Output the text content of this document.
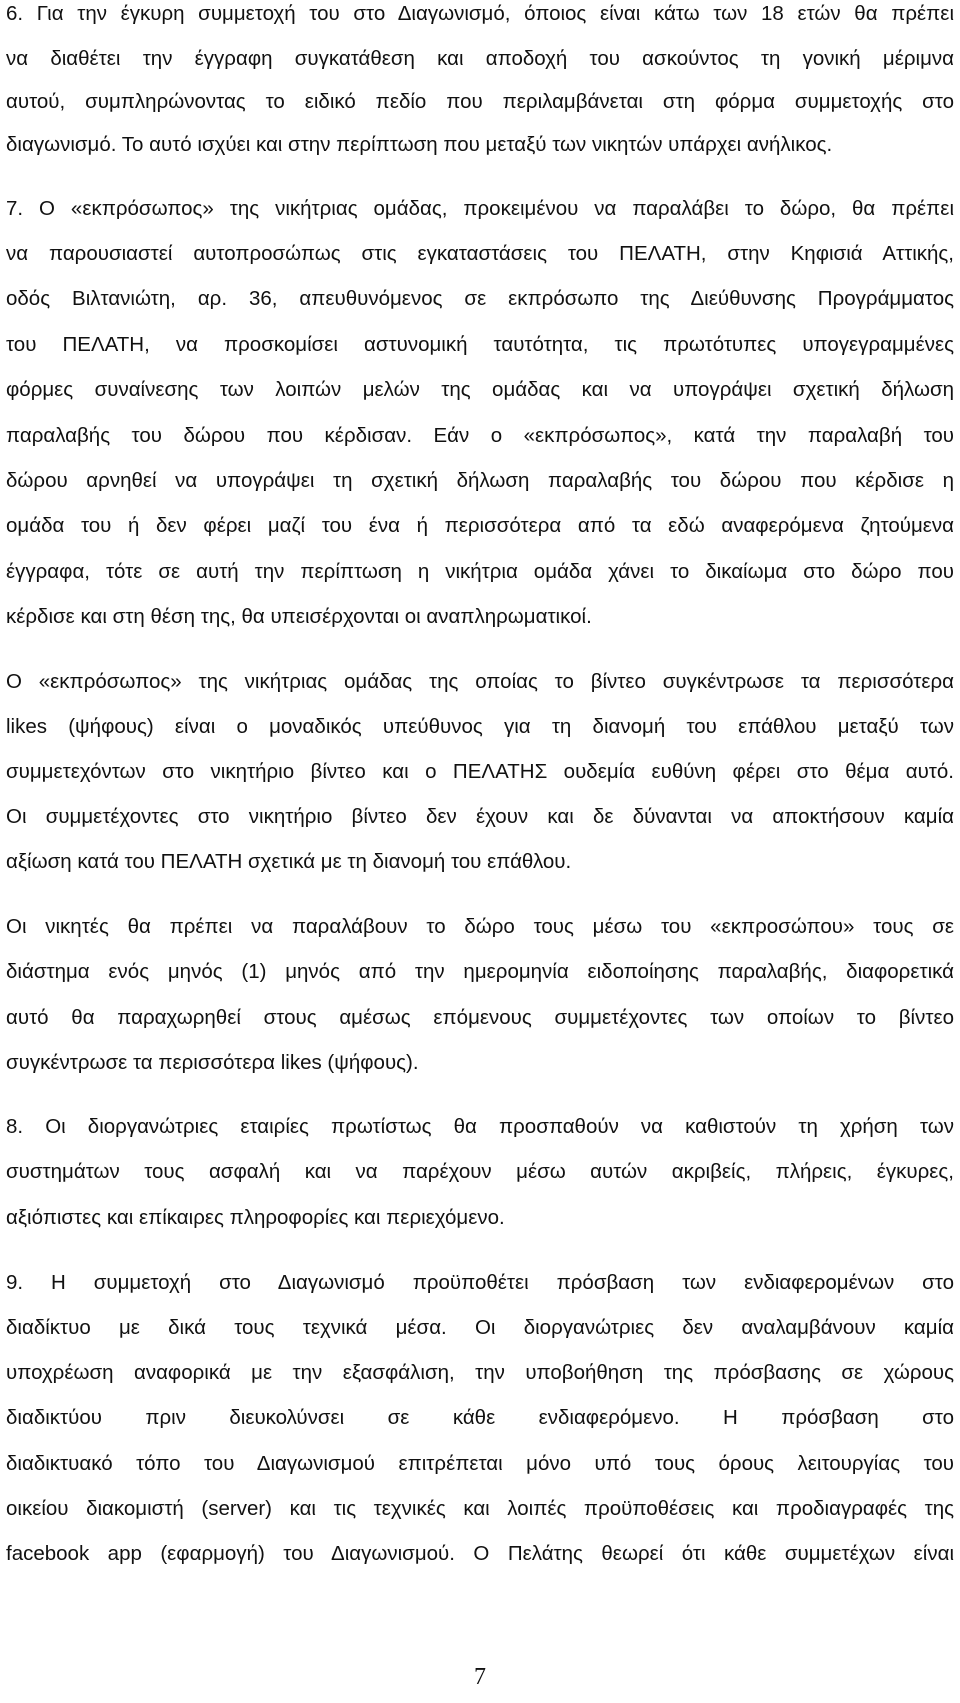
6. Για την έγκυρη συμμετοχή του στο Διαγωνισμό, όποιος είναι κάτω των 18 ετών θα πρέπει
να διαθέτει την έγγραφη συγκατάθεση και αποδοχή του ασκούντος τη γονική μέριμνα
αυτού, συμπληρώνοντας το ειδικό πεδίο που περιλαμβάνεται στη φόρμα συμμετοχής στο
διαγωνισμό. Το αυτό ισχύει και στην περίπτωση που μεταξύ των νικητών υπάρχει ανήλικος.
7. Ο «εκπρόσωπος» της νικήτριας ομάδας, προκειμένου να παραλάβει το δώρο, θα πρέπει
να παρουσιαστεί αυτοπροσώπως στις εγκαταστάσεις του ΠΕΛΑΤΗ, στην Κηφισιά Αττικής,
οδός Βιλτανιώτη, αρ. 36, απευθυνόμενος σε εκπρόσωπο της Διεύθυνσης Προγράμματος
του ΠΕΛΑΤΗ, να προσκομίσει αστυνομική ταυτότητα, τις πρωτότυπες υπογεγραμμένες
φόρμες συναίνεσης των λοιπών μελών της ομάδας και να υπογράψει σχετική δήλωση
παραλαβής του δώρου που κέρδισαν. Εάν ο «εκπρόσωπος», κατά την παραλαβή του
δώρου αρνηθεί να υπογράψει τη σχετική δήλωση παραλαβής του δώρου που κέρδισε η
ομάδα του ή δεν φέρει μαζί του ένα ή περισσότερα από τα εδώ αναφερόμενα ζητούμενα
έγγραφα, τότε σε αυτή την περίπτωση η νικήτρια ομάδα χάνει το δικαίωμα στο δώρο που
κέρδισε και στη θέση της, θα υπεισέρχονται οι αναπληρωματικοί.
Ο «εκπρόσωπος» της νικήτριας ομάδας της οποίας το βίντεο συγκέντρωσε τα περισσότερα
likes (ψήφους) είναι ο μοναδικός υπεύθυνος για τη διανομή του επάθλου μεταξύ των
συμμετεχόντων στο νικητήριο βίντεο και ο ΠΕΛΑΤΗΣ ουδεμία ευθύνη φέρει στο θέμα αυτό.
Οι συμμετέχοντες στο νικητήριο βίντεο δεν έχουν και δε δύνανται να αποκτήσουν καμία
αξίωση κατά του ΠΕΛΑΤΗ σχετικά με τη διανομή του επάθλου.
Οι νικητές θα πρέπει να παραλάβουν το δώρο τους μέσω του «εκπροσώπου» τους σε
διάστημα ενός μηνός (1) μηνός από την ημερομηνία ειδοποίησης παραλαβής, διαφορετικά
αυτό θα παραχωρηθεί στους αμέσως επόμενους συμμετέχοντες των οποίων το βίντεο
συγκέντρωσε τα περισσότερα likes (ψήφους).
8. Οι διοργανώτριες εταιρίες πρωτίστως θα προσπαθούν να καθιστούν τη χρήση των
συστημάτων τους ασφαλή και να παρέχουν μέσω αυτών ακριβείς, πλήρεις, έγκυρες,
αξιόπιστες και επίκαιρες πληροφορίες και περιεχόμενο.
9. Η συμμετοχή στο Διαγωνισμό προϋποθέτει πρόσβαση των ενδιαφερομένων στο
διαδίκτυο με δικά τους τεχνικά μέσα. Οι διοργανώτριες δεν αναλαμβάνουν καμία
υποχρέωση αναφορικά με την εξασφάλιση, την υποβοήθηση της πρόσβασης σε χώρους
διαδικτύου πριν διευκολύνσει σε κάθε ενδιαφερόμενο. Η πρόσβαση στο
διαδικτυακό τόπο του Διαγωνισμού επιτρέπεται μόνο υπό τους όρους λειτουργίας του
οικείου διακομιστή (server) και τις τεχνικές και λοιπές προϋποθέσεις και προδιαγραφές της
facebook app (εφαρμογή) του Διαγωνισμού. Ο Πελάτης θεωρεί ότι κάθε συμμετέχων είναι
7
